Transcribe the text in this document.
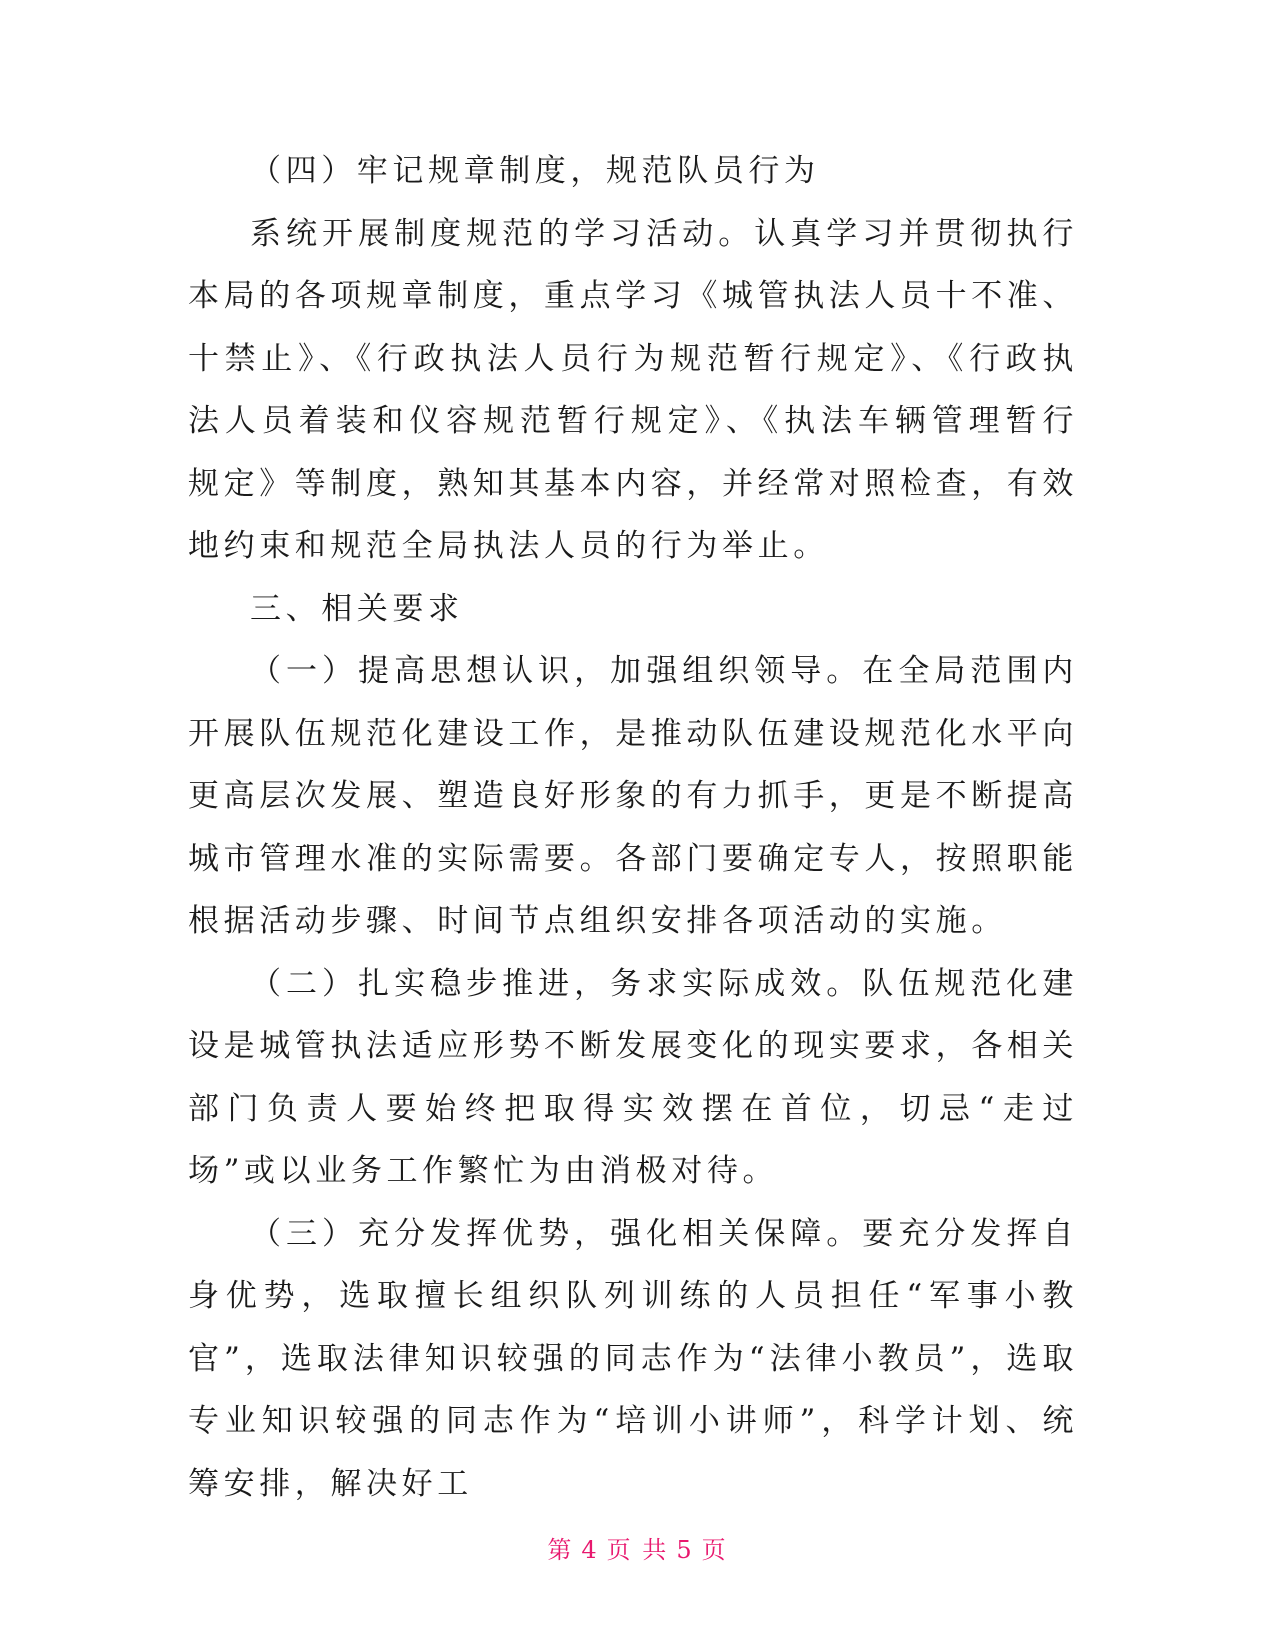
（四）牢记规章制度，规范队员行为

系统开展制度规范的学习活动。认真学习并贯彻执行本局的各项规章制度，重点学习《城管执法人员十不准、十禁止》、《行政执法人员行为规范暂行规定》、《行政执法人员着装和仪容规范暂行规定》、《执法车辆管理暂行规定》等制度，熟知其基本内容，并经常对照检查，有效地约束和规范全局执法人员的行为举止。

三、相关要求

（一）提高思想认识，加强组织领导。在全局范围内开展队伍规范化建设工作，是推动队伍建设规范化水平向更高层次发展、塑造良好形象的有力抓手，更是不断提高城市管理水准的实际需要。各部门要确定专人，按照职能根据活动步骤、时间节点组织安排各项活动的实施。

（二）扎实稳步推进，务求实际成效。队伍规范化建设是城管执法适应形势不断发展变化的现实要求，各相关部门负责人要始终把取得实效摆在首位，切忌“走过场”或以业务工作繁忙为由消极对待。

（三）充分发挥优势，强化相关保障。要充分发挥自身优势，选取擅长组织队列训练的人员担任“军事小教官”，选取法律知识较强的同志作为“法律小教员”，选取专业知识较强的同志作为“培训小讲师”，科学计划、统筹安排，解决好工

第 4 页 共 5 页
